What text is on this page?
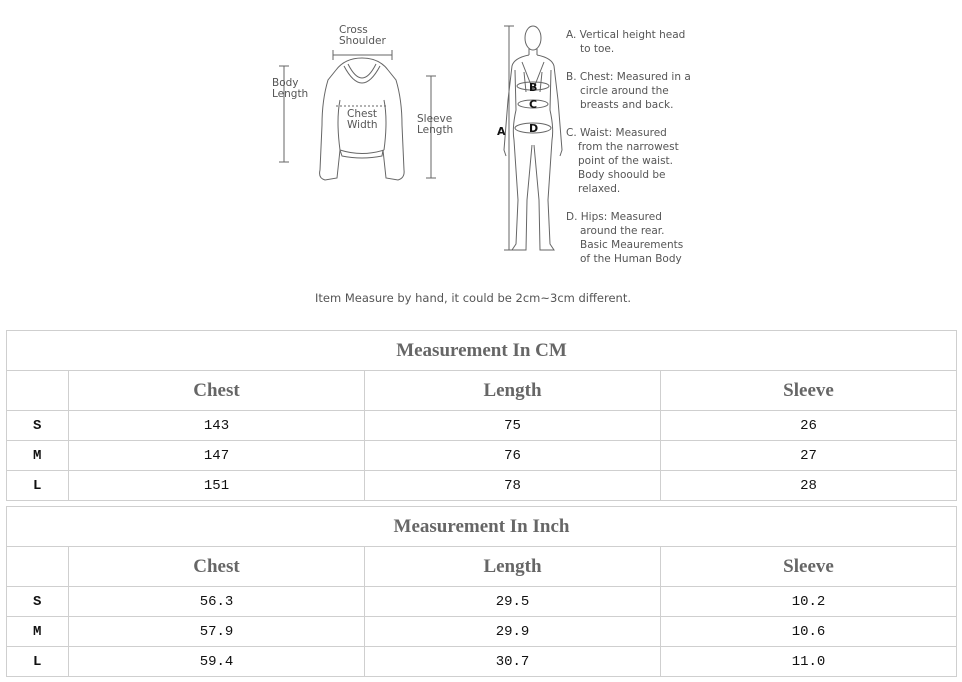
Cross Shoulder
Body Length
Chest Width	Sleeve Length	A
B
C
D
A. Vertical height head to toe.
B. Chest: Measured in a circle around the breasts and back.
C. Waist: Measured from the narrowest point of the waist. Body shoould be relaxed.
D. Hips: Measured around the rear. Basic Meaurements of the Human Body
Item Measure by hand, it could be 2cm~3cm different.
Measurement In CM			
	Chest	Length	Sleeve
S	143	75	26
M	147	76	27
L	151	78	28
Measurement In Inch			
	Chest	Length	Sleeve
S	56.3	29.5	10.2
M	57.9	29.9	10.6
L	59.4	30.7	11.0
